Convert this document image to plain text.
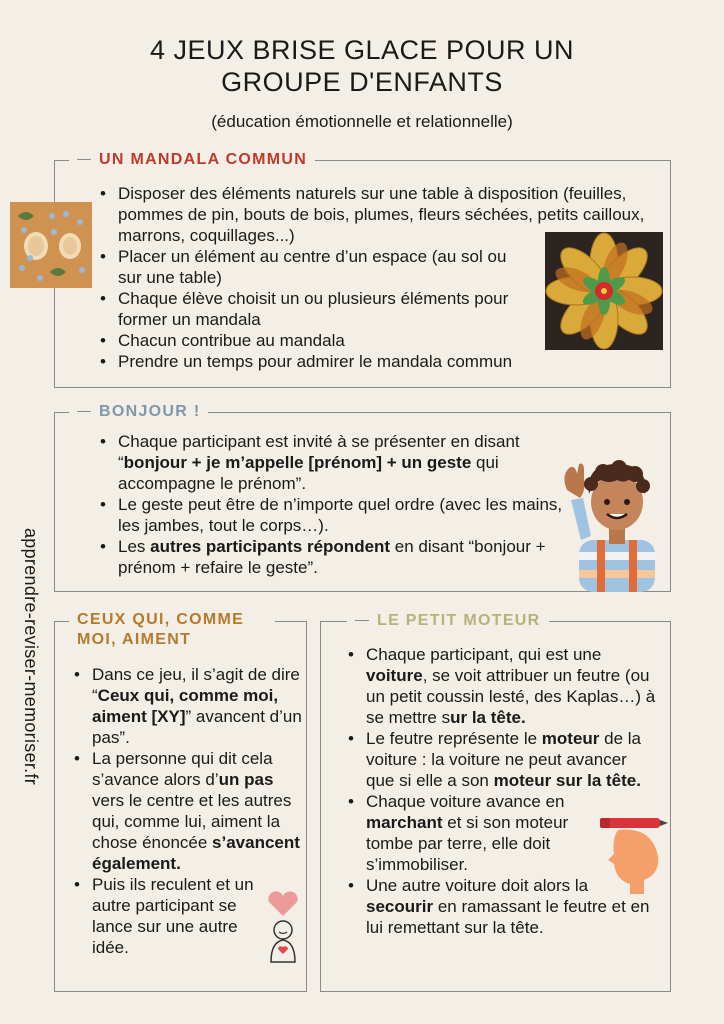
4 JEUX BRISE GLACE POUR UN
GROUPE D'ENFANTS
(éducation émotionnelle et relationnelle)
apprendre-reviser-memoriser.fr
UN MANDALA COMMUN
• Disposer des éléments naturels sur une table à disposition (feuilles, pommes de pin, bouts de bois, plumes, fleurs séchées, petits cailloux, marrons, coquillages...)
• Placer un élément au centre d’un espace (au sol ou sur une table)
• Chaque élève choisit un ou plusieurs éléments pour former un mandala
• Chacun contribue au mandala
• Prendre un temps pour admirer le mandala commun
BONJOUR !
• Chaque participant est invité à se présenter en disant “bonjour + je m’appelle [prénom] + un geste qui accompagne le prénom”.
• Le geste peut être de n’importe quel ordre (avec les mains, les jambes, tout le corps…).
• Les autres participants répondent en disant “bonjour + prénom + refaire le geste”.
CEUX QUI, COMME MOI, AIMENT
• Dans ce jeu, il s’agit de dire “Ceux qui, comme moi, aiment [XY]” avancent d’un pas”.
• La personne qui dit cela s’avance alors d’un pas vers le centre et les autres qui, comme lui, aiment la chose énoncée s’avancent également.
• Puis ils reculent et un autre participant se lance sur une autre idée.
LE PETIT MOTEUR
• Chaque participant, qui est une voiture, se voit attribuer un feutre (ou un petit coussin lesté, des Kaplas…) à se mettre sur la tête.
• Le feutre représente le moteur de la voiture : la voiture ne peut avancer que si elle a son moteur sur la tête.
• Chaque voiture avance en marchant et si son moteur tombe par terre, elle doit s’immobiliser.
• Une autre voiture doit alors la secourir en ramassant le feutre et en lui remettant sur la tête.
